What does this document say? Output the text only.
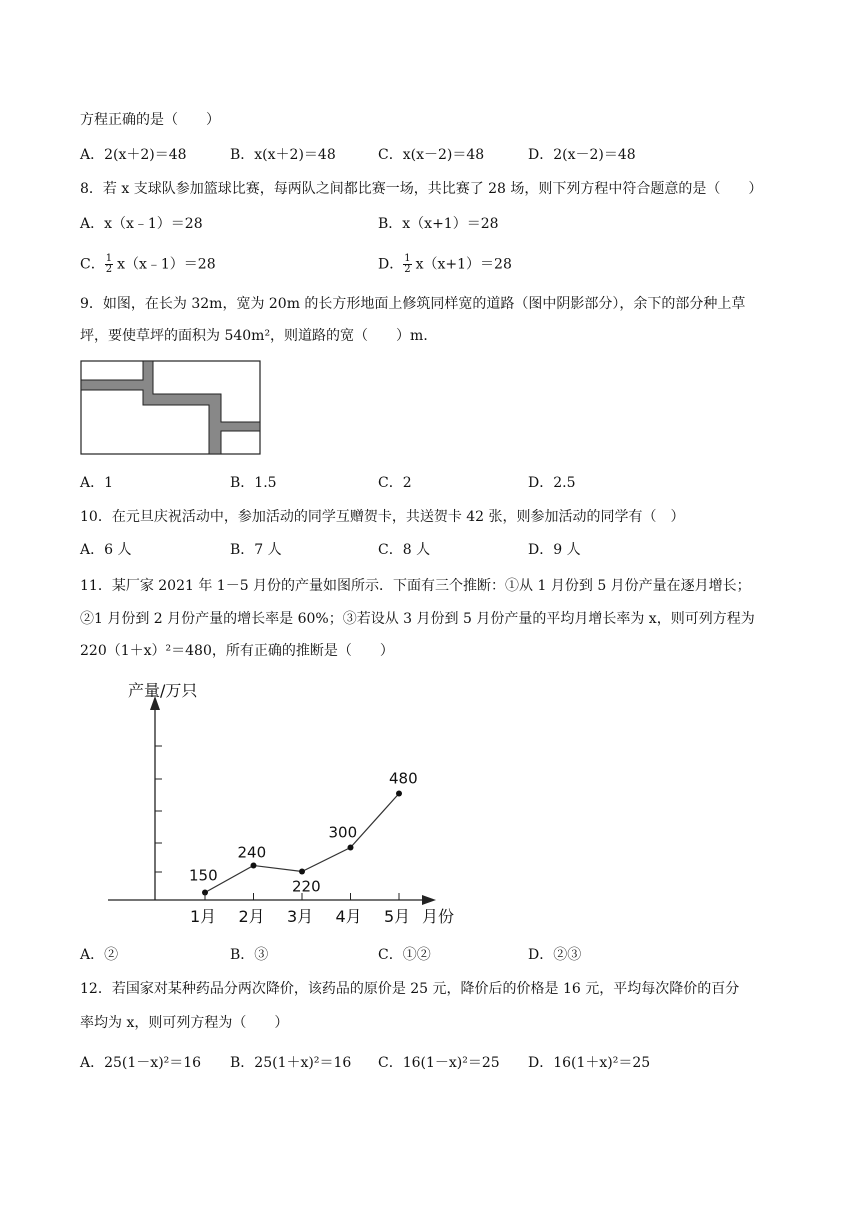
方程正确的是（　　）
A．2(x＋2)＝48	B．x(x＋2)＝48	C．x(x－2)＝48	D．2(x－2)＝48
8．若 x 支球队参加篮球比赛，每两队之间都比赛一场，共比赛了 28 场，则下列方程中符合题意的是（　　）
A．x（x﹣1）＝28	B．x（x+1）＝28
C． $\frac{1}{2}$ x（x﹣1）＝28	D． $\frac{1}{2} x(x+1)=28$
9．如图，在长为 32m，宽为 20m 的长方形地面上修筑同样宽的道路（图中阴影部分），余下的部分种上草
坪，要使草坪的面积为 540m²，则道路的宽（　　）m．
A．1	B．1.5	C．2	D．2.5
10．在元旦庆祝活动中，参加活动的同学互赠贺卡，共送贺卡 42 张，则参加活动的同学有（　）
A．6 人	B．7 人	C．8 人	D．9 人
11．某厂家 2021 年 1－5 月份的产量如图所示．下面有三个推断：①从 1 月份到 5 月份产量在逐月增长；
②1 月份到 2 月份产量的增长率是 60%；③若设从 3 月份到 5 月份产量的平均月增长率为 x，则可列方程为
220（1＋x）²＝480，所有正确的推断是（　　）
产量/万只
月份
150
1月
240
2月
220
3月
300
4月
480
5月
A．②	B．③	C．①②	D．②③
12．若国家对某种药品分两次降价，该药品的原价是 25 元，降价后的价格是 16 元，平均每次降价的百分
率均为 x，则可列方程为（　　）
A．25(1－x)²＝16 B．25(1＋x)²＝16 C．16(1－x)²＝25 D．16(1＋x)²＝25
